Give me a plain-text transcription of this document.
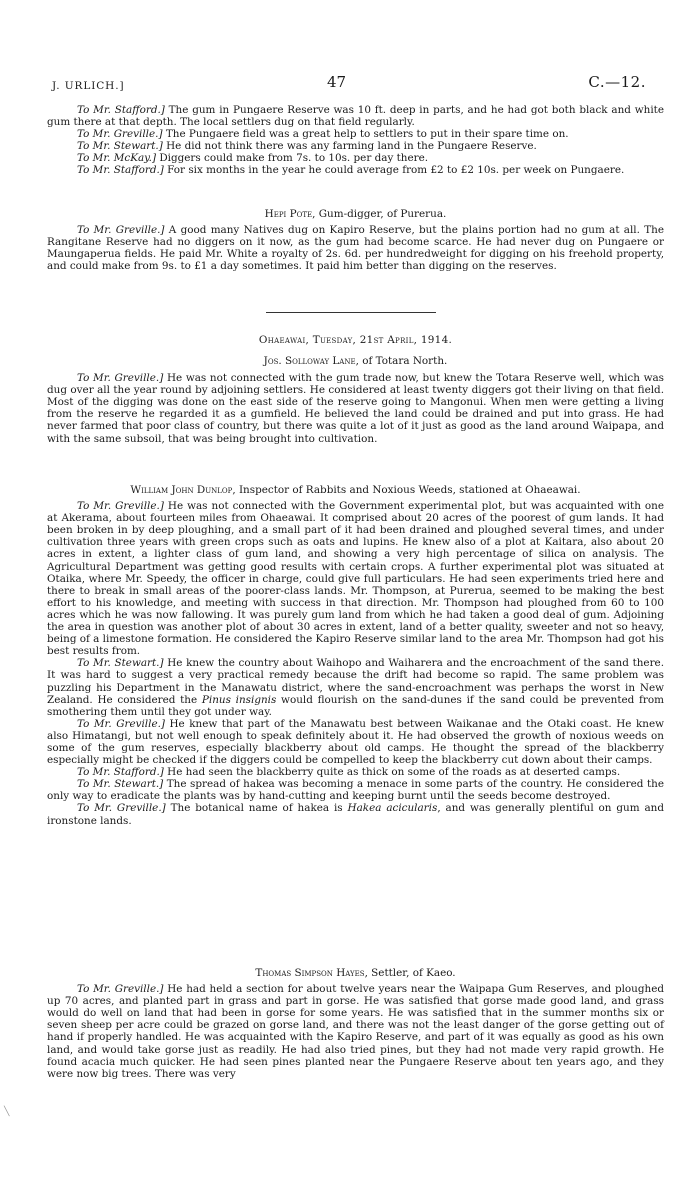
J. URLICH.]	47	C.—12.

To Mr. Stafford.] The gum in Pungaere Reserve was 10 ft. deep in parts, and he had got both black and white gum there at that depth. The local settlers dug on that field regularly.

To Mr. Greville.] The Pungaere field was a great help to settlers to put in their spare time on.

To Mr. Stewart.] He did not think there was any farming land in the Pungaere Reserve.

To Mr. McKay.] Diggers could make from 7s. to 10s. per day there.

To Mr. Stafford.] For six months in the year he could average from £2 to £2 10s. per week on Pungaere.

Hepi Pote, Gum-digger, of Purerua.

To Mr. Greville.] A good many Natives dug on Kapiro Reserve, but the plains portion had no gum at all. The Rangitane Reserve had no diggers on it now, as the gum had become scarce. He had never dug on Pungaere or Maungaperua fields. He paid Mr. White a royalty of 2s. 6d. per hundredweight for digging on his freehold property, and could make from 9s. to £1 a day sometimes. It paid him better than digging on the reserves.

Ohaeawai, Tuesday, 21st April, 1914.

Jos. Solloway Lane, of Totara North.

To Mr. Greville.] He was not connected with the gum trade now, but knew the Totara Reserve well, which was dug over all the year round by adjoining settlers. He considered at least twenty diggers got their living on that field. Most of the digging was done on the east side of the reserve going to Mangonui. When men were getting a living from the reserve he regarded it as a gumfield. He believed the land could be drained and put into grass. He had never farmed that poor class of country, but there was quite a lot of it just as good as the land around Waipapa, and with the same subsoil, that was being brought into cultivation.

William John Dunlop, Inspector of Rabbits and Noxious Weeds, stationed at Ohaeawai.

To Mr. Greville.] He was not connected with the Government experimental plot, but was acquainted with one at Akerama, about fourteen miles from Ohaeawai. It comprised about 20 acres of the poorest of gum lands. It had been broken in by deep ploughing, and a small part of it had been drained and ploughed several times, and under cultivation three years with green crops such as oats and lupins. He knew also of a plot at Kaitara, also about 20 acres in extent, a lighter class of gum land, and showing a very high percentage of silica on analysis. The Agricultural Department was getting good results with certain crops. A further experimental plot was situated at Otaika, where Mr. Speedy, the officer in charge, could give full particulars. He had seen experiments tried here and there to break in small areas of the poorer-class lands. Mr. Thompson, at Purerua, seemed to be making the best effort to his knowledge, and meeting with success in that direction. Mr. Thompson had ploughed from 60 to 100 acres which he was now fallowing. It was purely gum land from which he had taken a good deal of gum. Adjoining the area in question was another plot of about 30 acres in extent, land of a better quality, sweeter and not so heavy, being of a limestone formation. He considered the Kapiro Reserve similar land to the area Mr. Thompson had got his best results from.

To Mr. Stewart.] He knew the country about Waihopo and Waiharera and the encroachment of the sand there. It was hard to suggest a very practical remedy because the drift had become so rapid. The same problem was puzzling his Department in the Manawatu district, where the sand-encroachment was perhaps the worst in New Zealand. He considered the Pinus insignis would flourish on the sand-dunes if the sand could be prevented from smothering them until they got under way.

To Mr. Greville.] He knew that part of the Manawatu best between Waikanae and the Otaki coast. He knew also Himatangi, but not well enough to speak definitely about it. He had observed the growth of noxious weeds on some of the gum reserves, especially blackberry about old camps. He thought the spread of the blackberry especially might be checked if the diggers could be compelled to keep the blackberry cut down about their camps.

To Mr. Stafford.] He had seen the blackberry quite as thick on some of the roads as at deserted camps.

To Mr. Stewart.] The spread of hakea was becoming a menace in some parts of the country. He considered the only way to eradicate the plants was by hand-cutting and keeping burnt until the seeds become destroyed.

To Mr. Greville.] The botanical name of hakea is Hakea acicularis, and was generally plentiful on gum and ironstone lands.

Thomas Simpson Hayes, Settler, of Kaeo.

To Mr. Greville.] He had held a section for about twelve years near the Waipapa Gum Reserves, and ploughed up 70 acres, and planted part in grass and part in gorse. He was satisfied that gorse made good land, and grass would do well on land that had been in gorse for some years. He was satisfied that in the summer months six or seven sheep per acre could be grazed on gorse land, and there was not the least danger of the gorse getting out of hand if properly handled. He was acquainted with the Kapiro Reserve, and part of it was equally as good as his own land, and would take gorse just as readily. He had also tried pines, but they had not made very rapid growth. He found acacia much quicker. He had seen pines planted near the Pungaere Reserve about ten years ago, and they were now big trees. There was very

╲
